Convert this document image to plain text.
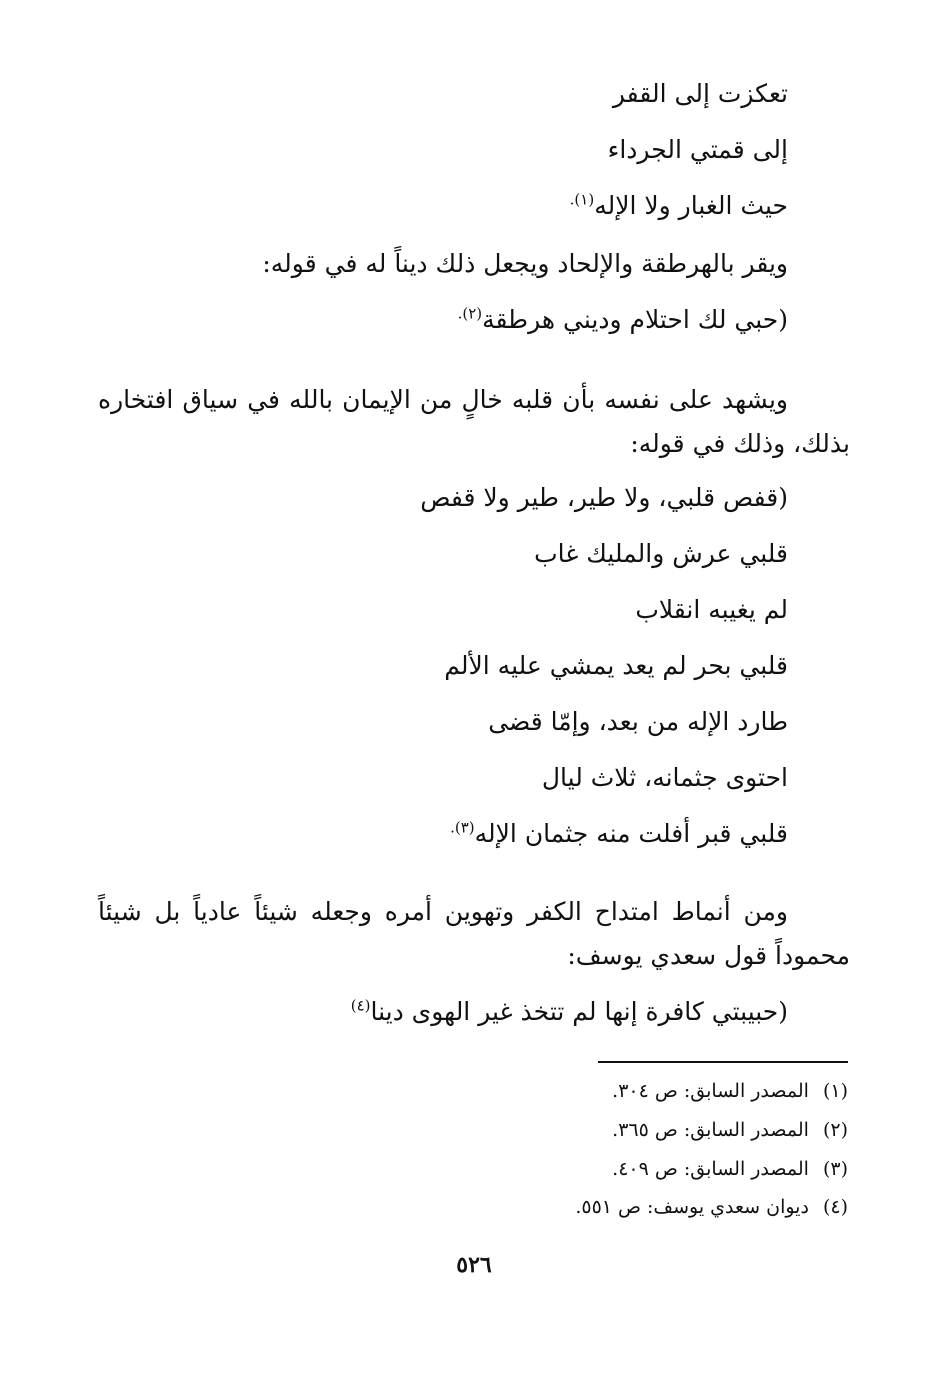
تعكزت إلى القفر
إلى قمتي الجرداء
حيث الغبار ولا الإله$^{(١).}$
ويقر بالهرطقة والإلحاد ويجعل ذلك ديناً له في قوله:
(حبي لك احتلام وديني هرطقة$^{(٢).}$
ويشهد على نفسه بأن قلبه خالٍ من الإيمان بالله في سياق افتخاره
بذلك، وذلك في قوله:
(قفص قلبي، ولا طير، طير ولا قفص
قلبي عرش والمليك غاب
لم يغيبه انقلاب
قلبي بحر لم يعد يمشي عليه الألم
طارد الإله من بعد، وإمّا قضى
احتوى جثمانه، ثلاث ليال
قلبي قبر أفلت منه جثمان الإله$^{(٣).}$
ومن أنماط امتداح الكفر وتهوين أمره وجعله شيئاً عادياً بل شيئاً
محموداً قول سعدي يوسف:
(حبيبتي كافرة إنها لم تتخذ غير الهوى دينا$^{(٤)}$
(١)المصدر السابق: ص ٣٠٤.
(٢)المصدر السابق: ص ٣٦٥.
(٣)المصدر السابق: ص ٤٠٩.
(٤)ديوان سعدي يوسف: ص ٥٥١.
٥٢٦
